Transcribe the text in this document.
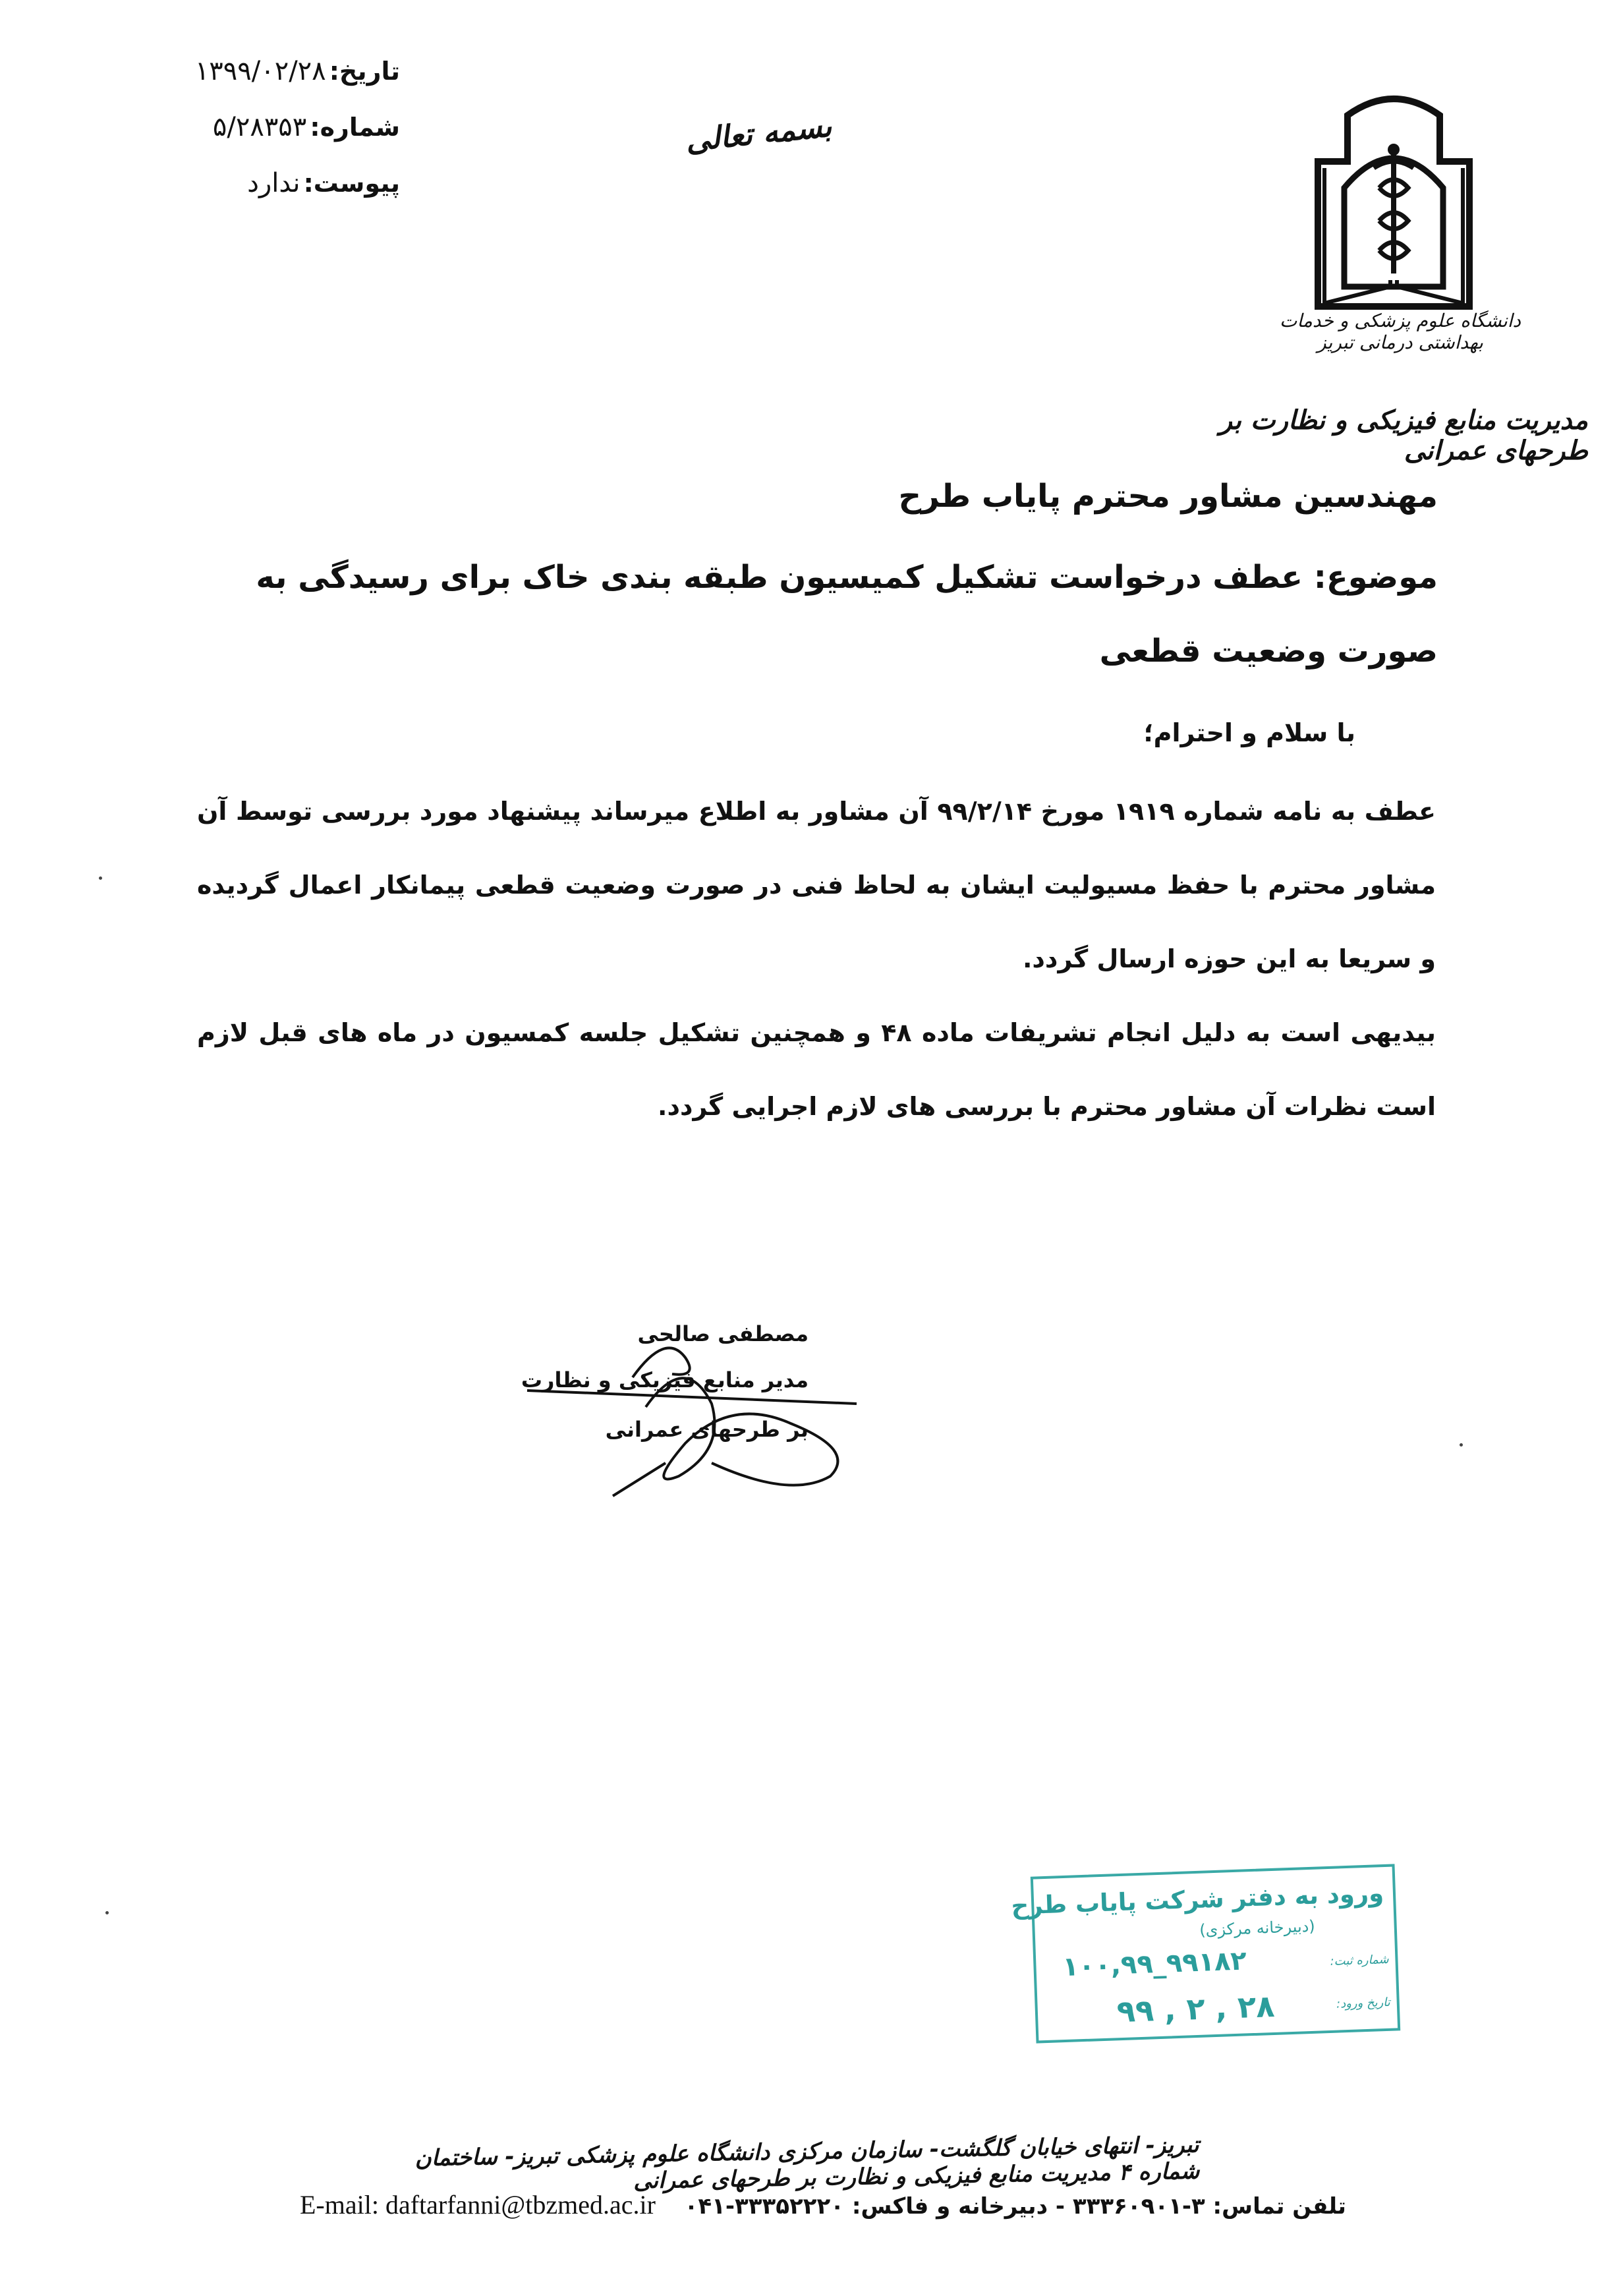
تاریخ: ۱۳۹۹/۰۲/۲۸
شماره: ۵/۲۸۳۵۳
پیوست: ندارد
بسمه تعالی
دانشگاه علوم پزشکی و خدمات بهداشتی درمانی تبریز
مدیریت منابع فیزیکی و نظارت بر طرحهای عمرانی
مهندسین مشاور محترم پایاب طرح
موضوع: عطف درخواست تشکیل کمیسیون طبقه بندی خاک برای رسیدگی به صورت وضعیت قطعی
با سلام و احترام؛
عطف به نامه شماره ۱۹۱۹ مورخ ۹۹/۲/۱۴ آن مشاور به اطلاع میرساند پیشنهاد مورد بررسی توسط آن مشاور محترم با حفظ مسیولیت ایشان به لحاظ فنی در صورت وضعیت قطعی پیمانکار اعمال گردیده و سریعا به این حوزه ارسال گردد.
بیدیهی است به دلیل انجام تشریفات ماده ۴۸ و همچنین تشکیل جلسه کمسیون در ماه های قبل لازم است نظرات آن مشاور محترم با بررسی های لازم اجرایی گردد.
مصطفی صالحی
مدیر منابع فیزیکی و نظارت
بر طرحهای عمرانی
ورود به دفتر شرکت پایاب طرح
(دبیرخانه مرکزی)
۱۰۰,۹۹_۹۹۱۸۲
۹۹ , ۲ , ۲۸
شماره ثبت:
تاریخ ورود:
تبریز- انتهای خیابان گلگشت- سازمان مرکزی دانشگاه علوم پزشکی تبریز- ساختمان شماره ۴ مدیریت منابع فیزیکی و نظارت بر طرحهای عمرانی
E-mail: daftarfanni@tbzmed.ac.ir تلفن تماس: ۳-۳۳۳۶۰۹۰۱ - دبیرخانه و فاکس: ۳۳۳۵۲۲۲۰-۰۴۱
